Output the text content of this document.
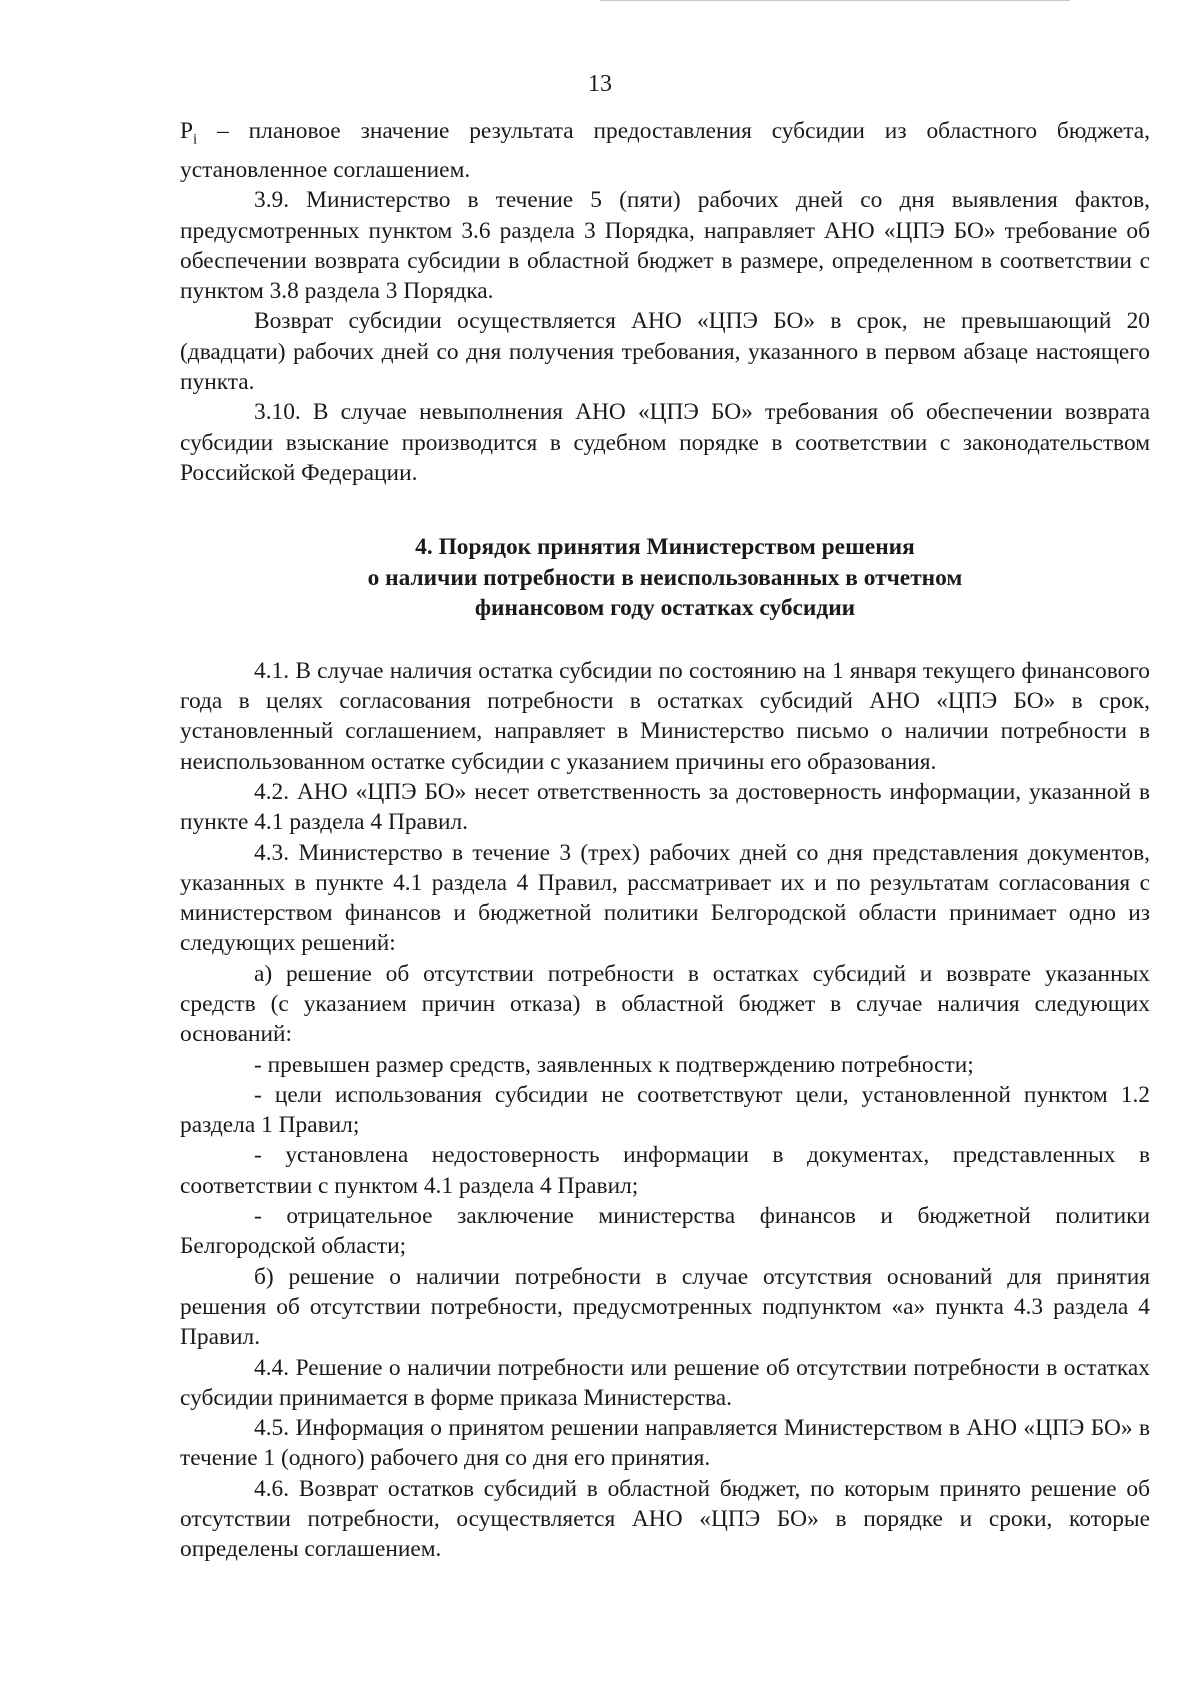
13

$P_i$ – плановое значение результата предоставления субсидии из областного бюджета, установленное соглашением.

3.9. Министерство в течение 5 (пяти) рабочих дней со дня выявления фактов, предусмотренных пунктом 3.6 раздела 3 Порядка, направляет АНО «ЦПЭ БО» требование об обеспечении возврата субсидии в областной бюджет в размере, определенном в соответствии с пунктом 3.8 раздела 3 Порядка.

Возврат субсидии осуществляется АНО «ЦПЭ БО» в срок, не превышающий 20 (двадцати) рабочих дней со дня получения требования, указанного в первом абзаце настоящего пункта.

3.10. В случае невыполнения АНО «ЦПЭ БО» требования об обеспечении возврата субсидии взыскание производится в судебном порядке в соответствии с законодательством Российской Федерации.

4. Порядок принятия Министерством решения
о наличии потребности в неиспользованных в отчетном
финансовом году остатках субсидии

4.1. В случае наличия остатка субсидии по состоянию на 1 января текущего финансового года в целях согласования потребности в остатках субсидий АНО «ЦПЭ БО» в срок, установленный соглашением, направляет в Министерство письмо о наличии потребности в неиспользованном остатке субсидии с указанием причины его образования.

4.2. АНО «ЦПЭ БО» несет ответственность за достоверность информации, указанной в пункте 4.1 раздела 4 Правил.

4.3. Министерство в течение 3 (трех) рабочих дней со дня представления документов, указанных в пункте 4.1 раздела 4 Правил, рассматривает их и по результатам согласования с министерством финансов и бюджетной политики Белгородской области принимает одно из следующих решений:

а) решение об отсутствии потребности в остатках субсидий и возврате указанных средств (с указанием причин отказа) в областной бюджет в случае наличия следующих оснований:

- превышен размер средств, заявленных к подтверждению потребности;

- цели использования субсидии не соответствуют цели, установленной пунктом 1.2 раздела 1 Правил;

- установлена недостоверность информации в документах, представленных в соответствии с пунктом 4.1 раздела 4 Правил;

- отрицательное заключение министерства финансов и бюджетной политики Белгородской области;

б) решение о наличии потребности в случае отсутствия оснований для принятия решения об отсутствии потребности, предусмотренных подпунктом «а» пункта 4.3 раздела 4 Правил.

4.4. Решение о наличии потребности или решение об отсутствии потребности в остатках субсидии принимается в форме приказа Министерства.

4.5. Информация о принятом решении направляется Министерством в АНО «ЦПЭ БО» в течение 1 (одного) рабочего дня со дня его принятия.

4.6. Возврат остатков субсидий в областной бюджет, по которым принято решение об отсутствии потребности, осуществляется АНО «ЦПЭ БО» в порядке и сроки, которые определены соглашением.
